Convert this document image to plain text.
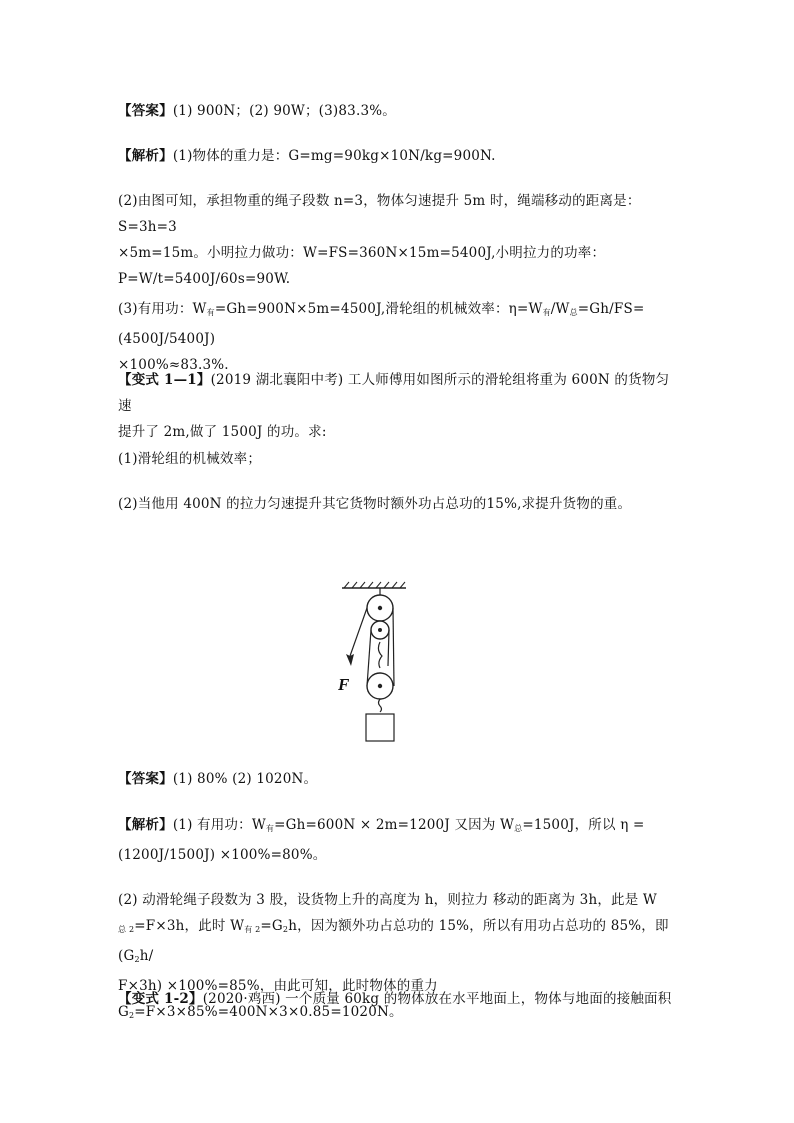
【答案】(1) 900N；(2) 90W；(3)83.3%。

【解析】(1)物体的重力是：G=mg=90kg×10N/kg=900N.

(2)由图可知，承担物重的绳子段数 n=3，物体匀速提升 5m 时，绳端移动的距离是：S=3h=3
×5m=15m。小明拉力做功：W=FS=360N×15m=5400J,小明拉力的功率：
P=W/t=5400J/60s=90W.

(3)有用功：$W_有=Gh=900N\times 5m=4500J$,滑轮组的机械效率：$\eta=W_有/W_总=Gh/FS=(4500J/5400J)$
×100%≈83.3%.

【变式 1—1】(2019 湖北襄阳中考) 工人师傅用如图所示的滑轮组将重为 600N 的货物匀速
提升了 2m,做了 1500J 的功。求:

(1)滑轮组的机械效率；

(2)当他用 400N 的拉力匀速提升其它货物时额外功占总功的15%,求提升货物的重。

F

【答案】(1) 80% (2) 1020N。

【解析】(1) 有用功：$W_有=Gh=600N \times 2m=1200J$ 又因为 $W_总=1500J$，所以 η =
(1200J/1500J) ×100%=80%。

(2) 动滑轮绳子段数为 3 股，设货物上升的高度为 h，则拉力 移动的距离为 3h，此是 W
$_{总 2}$=F×3h，此时 $W_{有 2}=G_2h$，因为额外功占总功的 15%，所以有用功占总功的 85%，即 ($G_2h/$
F×3h) ×100%=85%，由此可知，此时物体的重力 $G_2=F\times 3\times 85\%=400N\times 3\times 0.85=1020N$。

【变式 1-2】(2020·鸡西) 一个质量 60kg 的物体放在水平地面上，物体与地面的接触面积
